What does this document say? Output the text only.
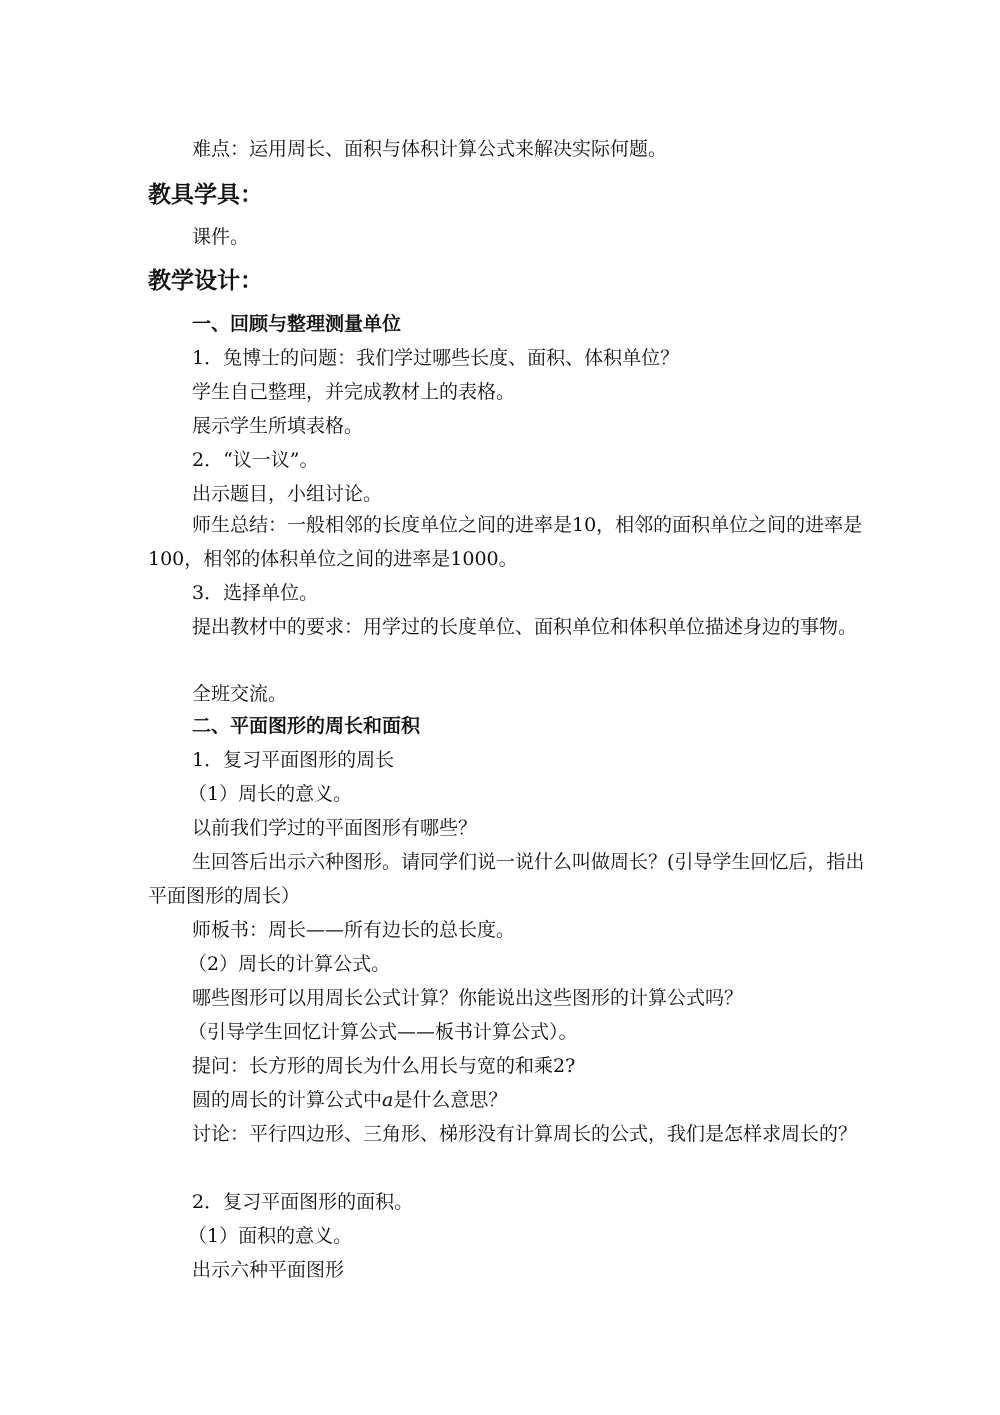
难点：运用周长、面积与体积计算公式来解决实际何题。
教具学具：
课件。
教学设计：
一、回顾与整理测量单位
1．兔博士的问题：我们学过哪些长度、面积、体积单位？
学生自己整理，并完成教材上的表格。
展示学生所填表格。
2．“议一议”。
出示题目，小组讨论。
师生总结：一般相邻的长度单位之间的进率是10，相邻的面积单位之间的进率是100，相邻的体积单位之间的进率是1000。
3．选择单位。
提出教材中的要求：用学过的长度单位、面积单位和体积单位描述身边的事物。
全班交流。
二、平面图形的周长和面积
1．复习平面图形的周长
（1）周长的意义。
以前我们学过的平面图形有哪些？
生回答后出示六种图形。请同学们说一说什么叫做周长？(引导学生回忆后，指出平面图形的周长）
师板书：周长——所有边长的总长度。
（2）周长的计算公式。
哪些图形可以用周长公式计算？你能说出这些图形的计算公式吗？
（引导学生回忆计算公式——板书计算公式）。
提问：长方形的周长为什么用长与宽的和乘2?
圆的周长的计算公式中a是什么意思？
讨论：平行四边形、三角形、梯形没有计算周长的公式，我们是怎样求周长的？
2．复习平面图形的面积。
（1）面积的意义。
出示六种平面图形
